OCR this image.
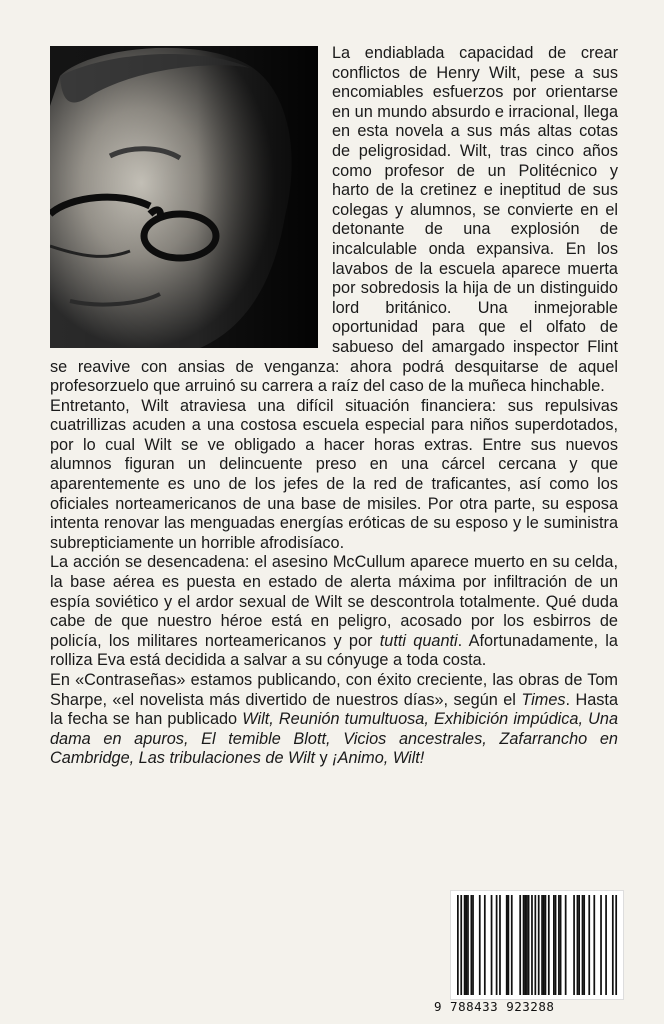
La endiablada capacidad de crear conflictos de Henry Wilt, pese a sus encomiables esfuerzos por orientarse en un mundo absurdo e irracional, llega en esta novela a sus más altas cotas de peligrosidad. Wilt, tras cinco años como profesor de un Politécnico y harto de la cretinez e ineptitud de sus colegas y alumnos, se convierte en el detonante de una explosión de incalculable onda expansiva. En los lavabos de la escuela aparece muerta por sobredosis la hija de un distinguido lord británico. Una inmejorable oportunidad para que el olfato de sabueso del amargado inspector Flint se reavive con ansias de venganza: ahora podrá desquitarse de aquel profesorzuelo que arruinó su carrera a raíz del caso de la muñeca hinchable.

Entretanto, Wilt atraviesa una difícil situación financiera: sus repulsivas cuatrillizas acuden a una costosa escuela especial para niños superdotados, por lo cual Wilt se ve obligado a hacer horas extras. Entre sus nuevos alumnos figuran un delincuente preso en una cárcel cercana y que aparentemente es uno de los jefes de la red de traficantes, así como los oficiales norteamericanos de una base de misiles. Por otra parte, su esposa intenta renovar las menguadas energías eróticas de su esposo y le suministra subrepticiamente un horrible afrodisíaco.

La acción se desencadena: el asesino McCullum aparece muerto en su celda, la base aérea es puesta en estado de alerta máxima por infiltración de un espía soviético y el ardor sexual de Wilt se descontrola totalmente. Qué duda cabe de que nuestro héroe está en peligro, acosado por los esbirros de policía, los militares norteamericanos y por tutti quanti. Afortunadamente, la rolliza Eva está decidida a salvar a su cónyuge a toda costa.

En «Contraseñas» estamos publicando, con éxito creciente, las obras de Tom Sharpe, «el novelista más divertido de nuestros días», según el Times. Hasta la fecha se han publicado Wilt, Reunión tumultuosa, Exhibición impúdica, Una dama en apuros, El temible Blott, Vicios ancestrales, Zafarrancho en Cambridge, Las tribulaciones de Wilt y ¡Animo, Wilt!

9 788433 923288
